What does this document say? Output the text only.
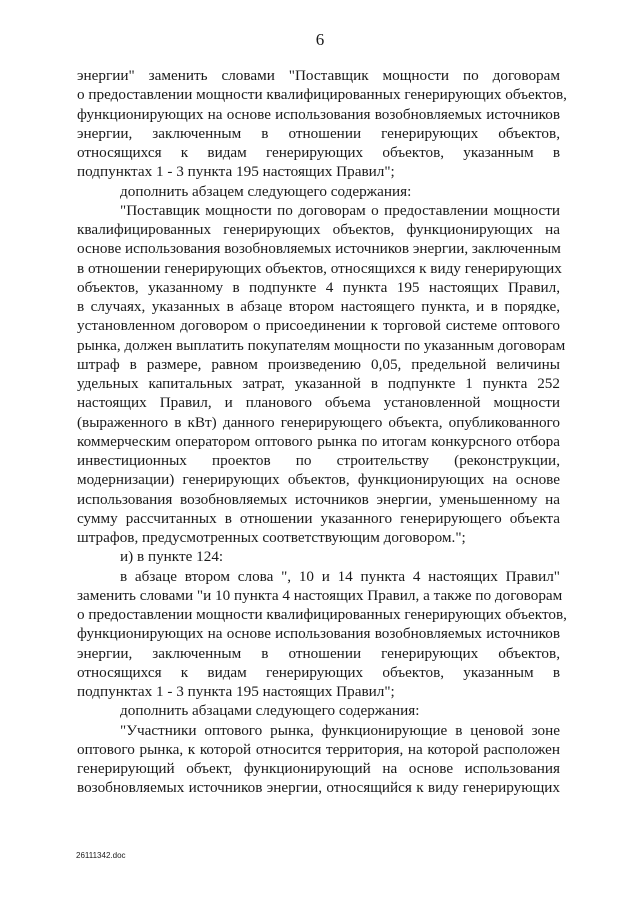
6
энергии" заменить словами "Поставщик мощности по договорам
о предоставлении мощности квалифицированных генерирующих объектов,
функционирующих на основе использования возобновляемых источников
энергии, заключенным в отношении генерирующих объектов,
относящихся к видам генерирующих объектов, указанным в
подпунктах 1 - 3 пункта 195 настоящих Правил";
дополнить абзацем следующего содержания:
"Поставщик мощности по договорам о предоставлении мощности
квалифицированных генерирующих объектов, функционирующих на
основе использования возобновляемых источников энергии, заключенным
в отношении генерирующих объектов, относящихся к виду генерирующих
объектов, указанному в подпункте 4 пункта 195 настоящих Правил,
в случаях, указанных в абзаце втором настоящего пункта, и в порядке,
установленном договором о присоединении к торговой системе оптового
рынка, должен выплатить покупателям мощности по указанным договорам
штраф в размере, равном произведению 0,05, предельной величины
удельных капитальных затрат, указанной в подпункте 1 пункта 252
настоящих Правил, и планового объема установленной мощности
(выраженного в кВт) данного генерирующего объекта, опубликованного
коммерческим оператором оптового рынка по итогам конкурсного отбора
инвестиционных проектов по строительству (реконструкции,
модернизации) генерирующих объектов, функционирующих на основе
использования возобновляемых источников энергии, уменьшенному на
сумму рассчитанных в отношении указанного генерирующего объекта
штрафов, предусмотренных соответствующим договором.";
и) в пункте 124:
в абзаце втором слова ", 10 и 14 пункта 4 настоящих Правил"
заменить словами "и 10 пункта 4 настоящих Правил, а также по договорам
о предоставлении мощности квалифицированных генерирующих объектов,
функционирующих на основе использования возобновляемых источников
энергии, заключенным в отношении генерирующих объектов,
относящихся к видам генерирующих объектов, указанным в
подпунктах 1 - 3 пункта 195 настоящих Правил";
дополнить абзацами следующего содержания:
"Участники оптового рынка, функционирующие в ценовой зоне
оптового рынка, к которой относится территория, на которой расположен
генерирующий объект, функционирующий на основе использования
возобновляемых источников энергии, относящийся к виду генерирующих
26111342.doc
